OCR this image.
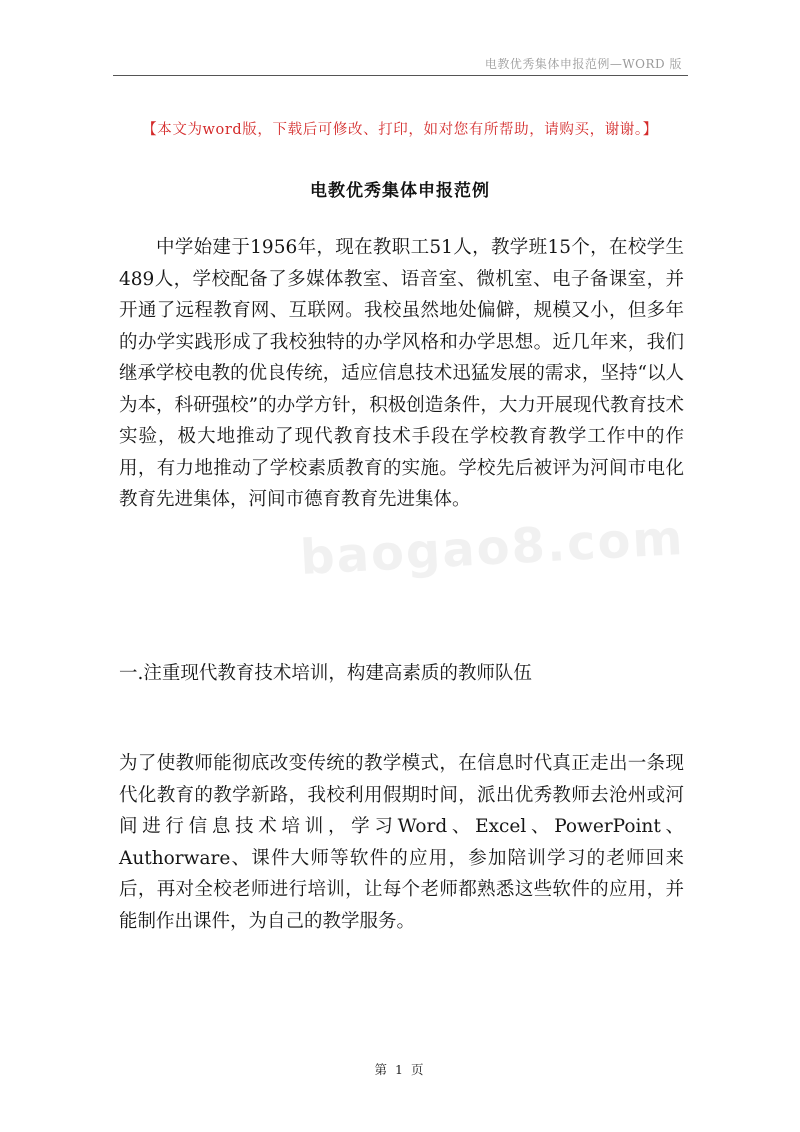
电教优秀集体申报范例—WORD 版
【本文为word版，下载后可修改、打印，如对您有所帮助，请购买，谢谢。】
电教优秀集体申报范例
baogao8.com
中学始建于1956年，现在教职工51人，教学班15个，在校学生489人，学校配备了多媒体教室、语音室、微机室、电子备课室，并开通了远程教育网、互联网。我校虽然地处偏僻，规模又小，但多年的办学实践形成了我校独特的办学风格和办学思想。近几年来，我们继承学校电教的优良传统，适应信息技术迅猛发展的需求，坚持“以人为本，科研强校”的办学方针，积极创造条件，大力开展现代教育技术实验，极大地推动了现代教育技术手段在学校教育教学工作中的作用，有力地推动了学校素质教育的实施。学校先后被评为河间市电化教育先进集体，河间市德育教育先进集体。
一.注重现代教育技术培训，构建高素质的教师队伍
为了使教师能彻底改变传统的教学模式，在信息时代真正走出一条现代化教育的教学新路，我校利用假期时间，派出优秀教师去沧州或河间进行信息技术培训，学习Word、Excel、PowerPoint、Authorware、课件大师等软件的应用，参加陪训学习的老师回来后，再对全校老师进行培训，让每个老师都熟悉这些软件的应用，并能制作出课件，为自己的教学服务。
第 1 页
